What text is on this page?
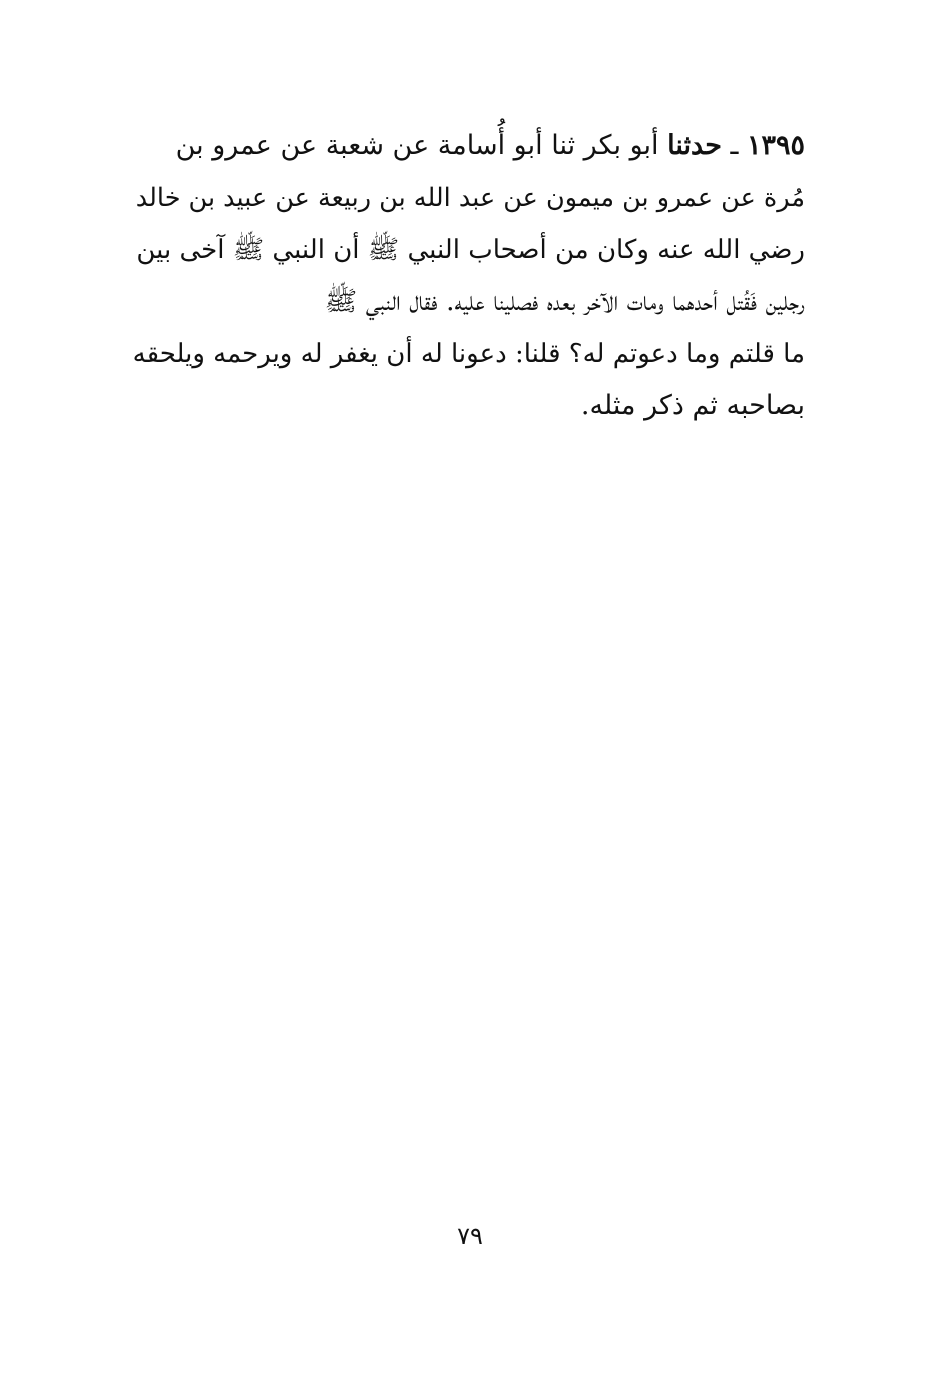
١٣٩٥ ـ حدثنا أبو بكر ثنا أبو أُسامة عن شعبة عن عمرو بن
مُرة عن عمرو بن ميمون عن عبد الله بن ربيعة عن عبيد بن خالد
رضي الله عنه وكان من أصحاب النبي ﷺ أن النبي ﷺ آخى بين
رجلين فَقُتل أحدهما ومات الآخر بعده فصلينا عليه. فقال النبي ﷺ
ما قلتم وما دعوتم له؟ قلنا: دعونا له أن يغفر له ويرحمه ويلحقه
بصاحبه ثم ذكر مثله.
٧٩
